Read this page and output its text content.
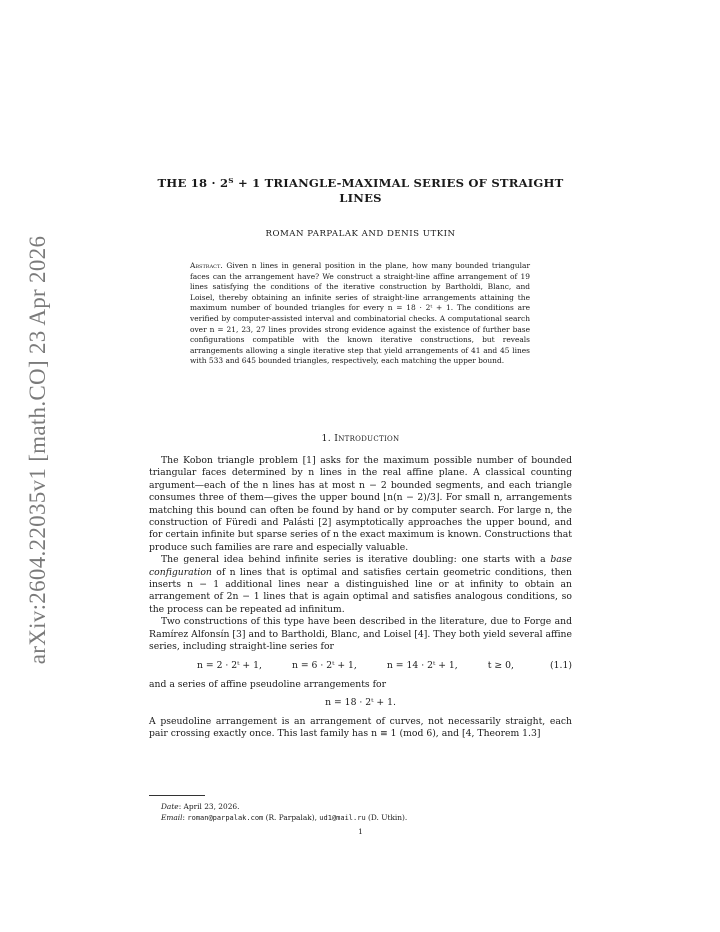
arXiv:2604.22035v1 [math.CO] 23 Apr 2026
THE 18 · 2ᵀ + 1 TRIANGLE-MAXIMAL SERIES OF STRAIGHT
LINES
ROMAN PARPALAK AND DENIS UTKIN

Abstract. Given n lines in general position in the plane, how many bounded triangular faces can the arrangement have? We construct a straight-line affine arrangement of 19 lines satisfying the conditions of the iterative construction by Bartholdi, Blanc, and Loisel, thereby obtaining an infinite series of straight-line arrangements attaining the maximum number of bounded triangles for every n = 18 · 2ᵗ + 1. The conditions are verified by computer-assisted interval and combinatorial checks. A computational search over n = 21, 23, 27 lines provides strong evidence against the existence of further base configurations compatible with the known iterative constructions, but reveals arrangements allowing a single iterative step that yield arrangements of 41 and 45 lines with 533 and 645 bounded triangles, respectively, each matching the upper bound.

1. Introduction

The Kobon triangle problem [1] asks for the maximum possible number of bounded triangular faces determined by n lines in the real affine plane. A classical counting argument—each of the n lines has at most n − 2 bounded segments, and each triangle consumes three of them—gives the upper bound ⌊n(n − 2)/3⌋. For small n, arrangements matching this bound can often be found by hand or by computer search. For large n, the construction of Füredi and Palásti [2] asymptotically approaches the upper bound, and for certain infinite but sparse series of n the exact maximum is known. Constructions that produce such families are rare and especially valuable.

The general idea behind infinite series is iterative doubling: one starts with a base configuration of n lines that is optimal and satisfies certain geometric conditions, then inserts n − 1 additional lines near a distinguished line or at infinity to obtain an arrangement of 2n − 1 lines that is again optimal and satisfies analogous conditions, so the process can be repeated ad infinitum.

Two constructions of this type have been described in the literature, due to Forge and Ramírez Alfonsín [3] and to Bartholdi, Blanc, and Loisel [4]. They both yield several affine series, including straight-line series for

n = 2 · 2ᵗ + 1,	n = 6 · 2ᵗ + 1,	n = 14 · 2ᵗ + 1,	t ≥ 0,	(1.1)

and a series of affine pseudoline arrangements for

n = 18 · 2ᵗ + 1.

A pseudoline arrangement is an arrangement of curves, not necessarily straight, each pair crossing exactly once. This last family has n ≡ 1 (mod 6), and [4, Theorem 1.3]

Date: April 23, 2026.
Email: roman@parpalak.com (R. Parpalak), ud1@mail.ru (D. Utkin).
1
